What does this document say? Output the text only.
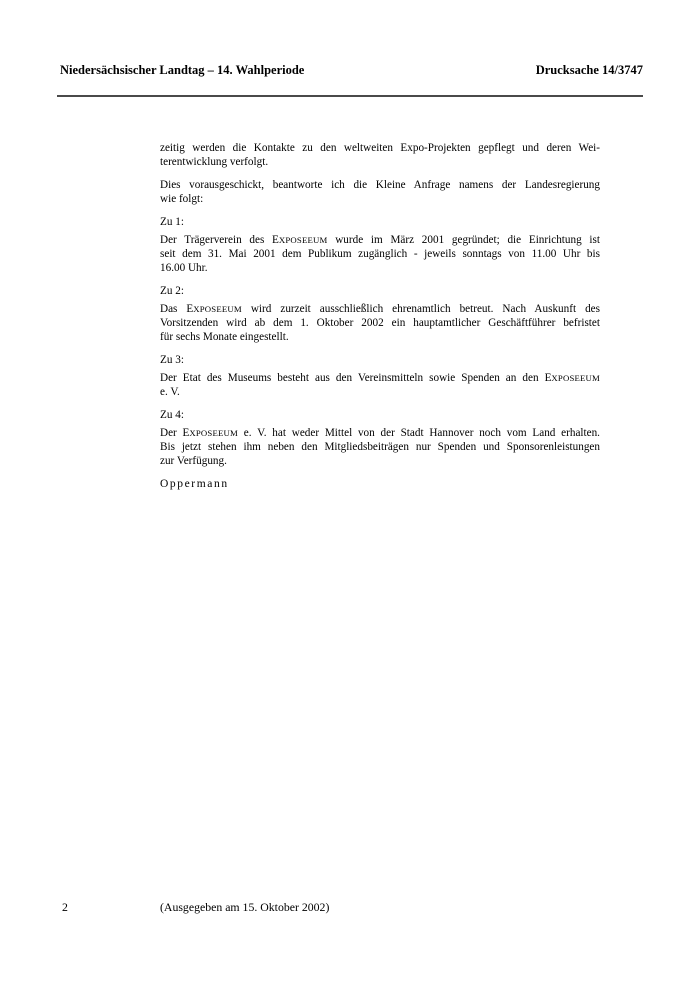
Niedersächsischer Landtag – 14. Wahlperiode	Drucksache 14/3747
zeitig werden die Kontakte zu den weltweiten Expo-Projekten gepflegt und deren Wei-
terentwicklung verfolgt.
Dies vorausgeschickt, beantworte ich die Kleine Anfrage namens der Landesregierung
wie folgt:
Zu 1:
Der Trägerverein des EXPOSEEUM wurde im März 2001 gegründet; die Einrichtung ist
seit dem 31. Mai 2001 dem Publikum zugänglich - jeweils sonntags von 11.00 Uhr bis
16.00 Uhr.
Zu 2:
Das EXPOSEEUM wird zurzeit ausschließlich ehrenamtlich betreut. Nach Auskunft des
Vorsitzenden wird ab dem 1. Oktober 2002 ein hauptamtlicher Geschäftführer befristet
für sechs Monate eingestellt.
Zu 3:
Der Etat des Museums besteht aus den Vereinsmitteln sowie Spenden an den EXPOSEEUM
e. V.
Zu 4:
Der EXPOSEEUM e. V. hat weder Mittel von der Stadt Hannover noch vom Land erhalten.
Bis jetzt stehen ihm neben den Mitgliedsbeiträgen nur Spenden und Sponsorenleistungen
zur Verfügung.
Oppermann
2	(Ausgegeben am 15. Oktober 2002)
